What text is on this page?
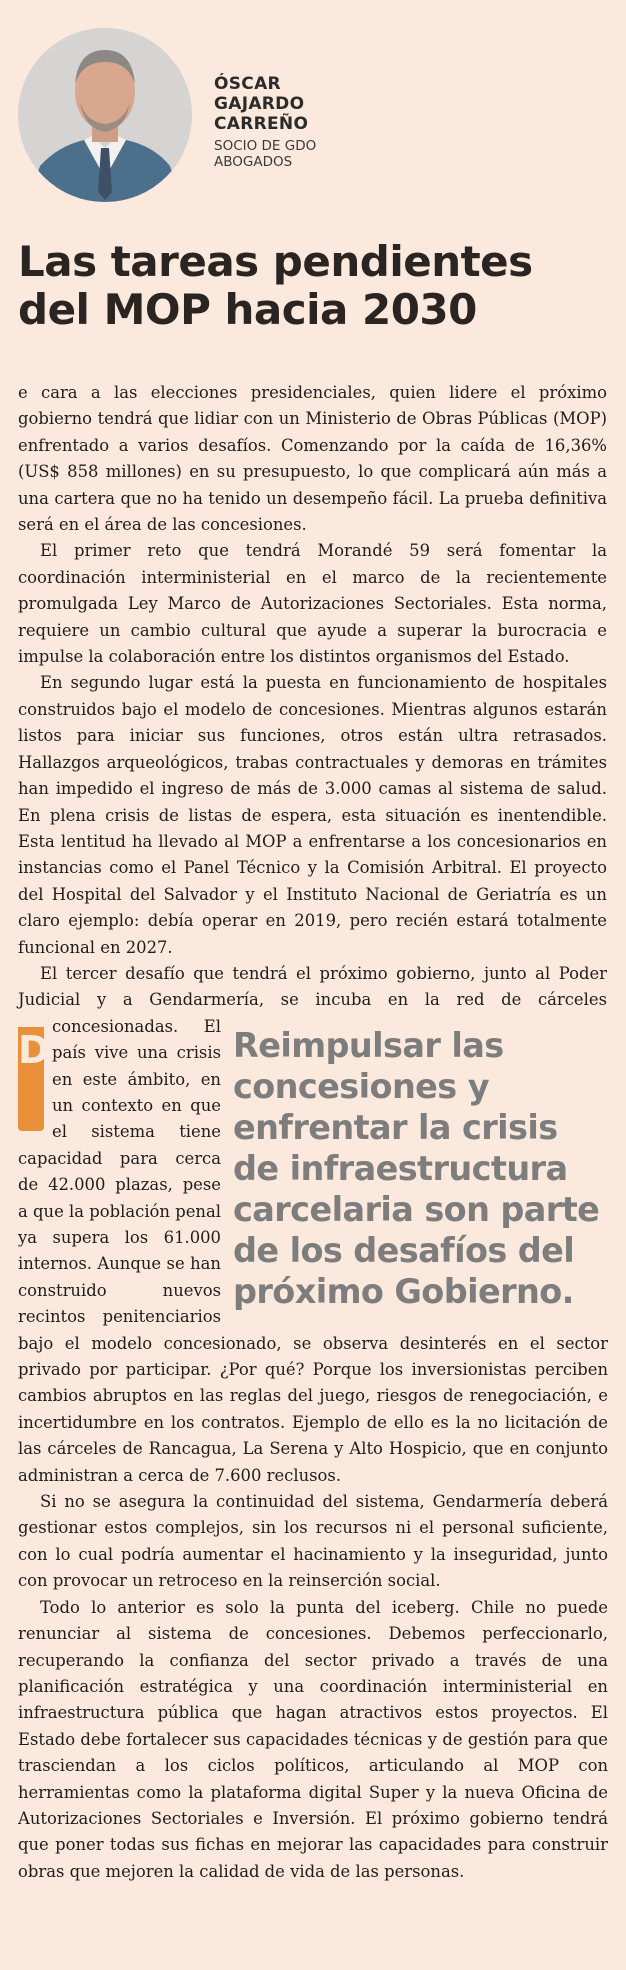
ÓSCAR GAJARDO CARREÑO
SOCIO DE GDO ABOGADOS
Las tareas pendientes del MOP hacia 2030
Reimpulsar las concesiones y enfrentar la crisis de infraestructura carcelaria son parte de los desafíos del próximo Gobierno.

D
e cara a las elecciones presidenciales, quien lidere el próximo gobierno tendrá que lidiar con un Ministerio de Obras Públicas (MOP) enfrentado a varios desafíos. Comenzando por la caída de 16,36% (US$ 858 millones) en su presupuesto, lo que complicará aún más a una cartera que no ha tenido un desempeño fácil. La prueba definitiva será en el área de las concesiones.

El primer reto que tendrá Morandé 59 será fomentar la coordinación interministerial en el marco de la recientemente promulgada Ley Marco de Autorizaciones Sectoriales. Esta norma, requiere un cambio cultural que ayude a superar la burocracia e impulse la colaboración entre los distintos organismos del Estado.

En segundo lugar está la puesta en funcionamiento de hospitales construidos bajo el modelo de concesiones. Mientras algunos estarán listos para iniciar sus funciones, otros están ultra retrasados. Hallazgos arqueológicos, trabas contractuales y demoras en trámites han impedido el ingreso de más de 3.000 camas al sistema de salud. En plena crisis de listas de espera, esta situación es inentendible. Esta lentitud ha llevado al MOP a enfrentarse a los concesionarios en instancias como el Panel Técnico y la Comisión Arbitral. El proyecto del Hospital del Salvador y el Instituto Nacional de Geriatría es un claro ejemplo: debía operar en 2019, pero recién estará totalmente funcional en 2027.

El tercer desafío que tendrá el próximo gobierno, junto al Poder Judicial y a Gendarmería, se incuba en la red de cárceles concesionadas. El país vive una crisis en este ámbito, en un contexto en que el sistema tiene capacidad para cerca de 42.000 plazas, pese a que la población penal ya supera los 61.000 internos. Aunque se han construido nuevos recintos penitenciarios bajo el modelo concesionado, se observa desinterés en el sector privado por participar. ¿Por qué? Porque los inversionistas perciben cambios abruptos en las reglas del juego, riesgos de renegociación, e incertidumbre en los contratos. Ejemplo de ello es la no licitación de las cárceles de Rancagua, La Serena y Alto Hospicio, que en conjunto administran a cerca de 7.600 reclusos.

Si no se asegura la continuidad del sistema, Gendarmería deberá gestionar estos complejos, sin los recursos ni el personal suficiente, con lo cual podría aumentar el hacinamiento y la inseguridad, junto con provocar un retroceso en la reinserción social.

Todo lo anterior es solo la punta del iceberg. Chile no puede renunciar al sistema de concesiones. Debemos perfeccionarlo, recuperando la confianza del sector privado a través de una planificación estratégica y una coordinación interministerial en infraestructura pública que hagan atractivos estos proyectos. El Estado debe fortalecer sus capacidades técnicas y de gestión para que trasciendan a los ciclos políticos, articulando al MOP con herramientas como la plataforma digital Super y la nueva Oficina de Autorizaciones Sectoriales e Inversión. El próximo gobierno tendrá que poner todas sus fichas en mejorar las capacidades para construir obras que mejoren la calidad de vida de las personas.
